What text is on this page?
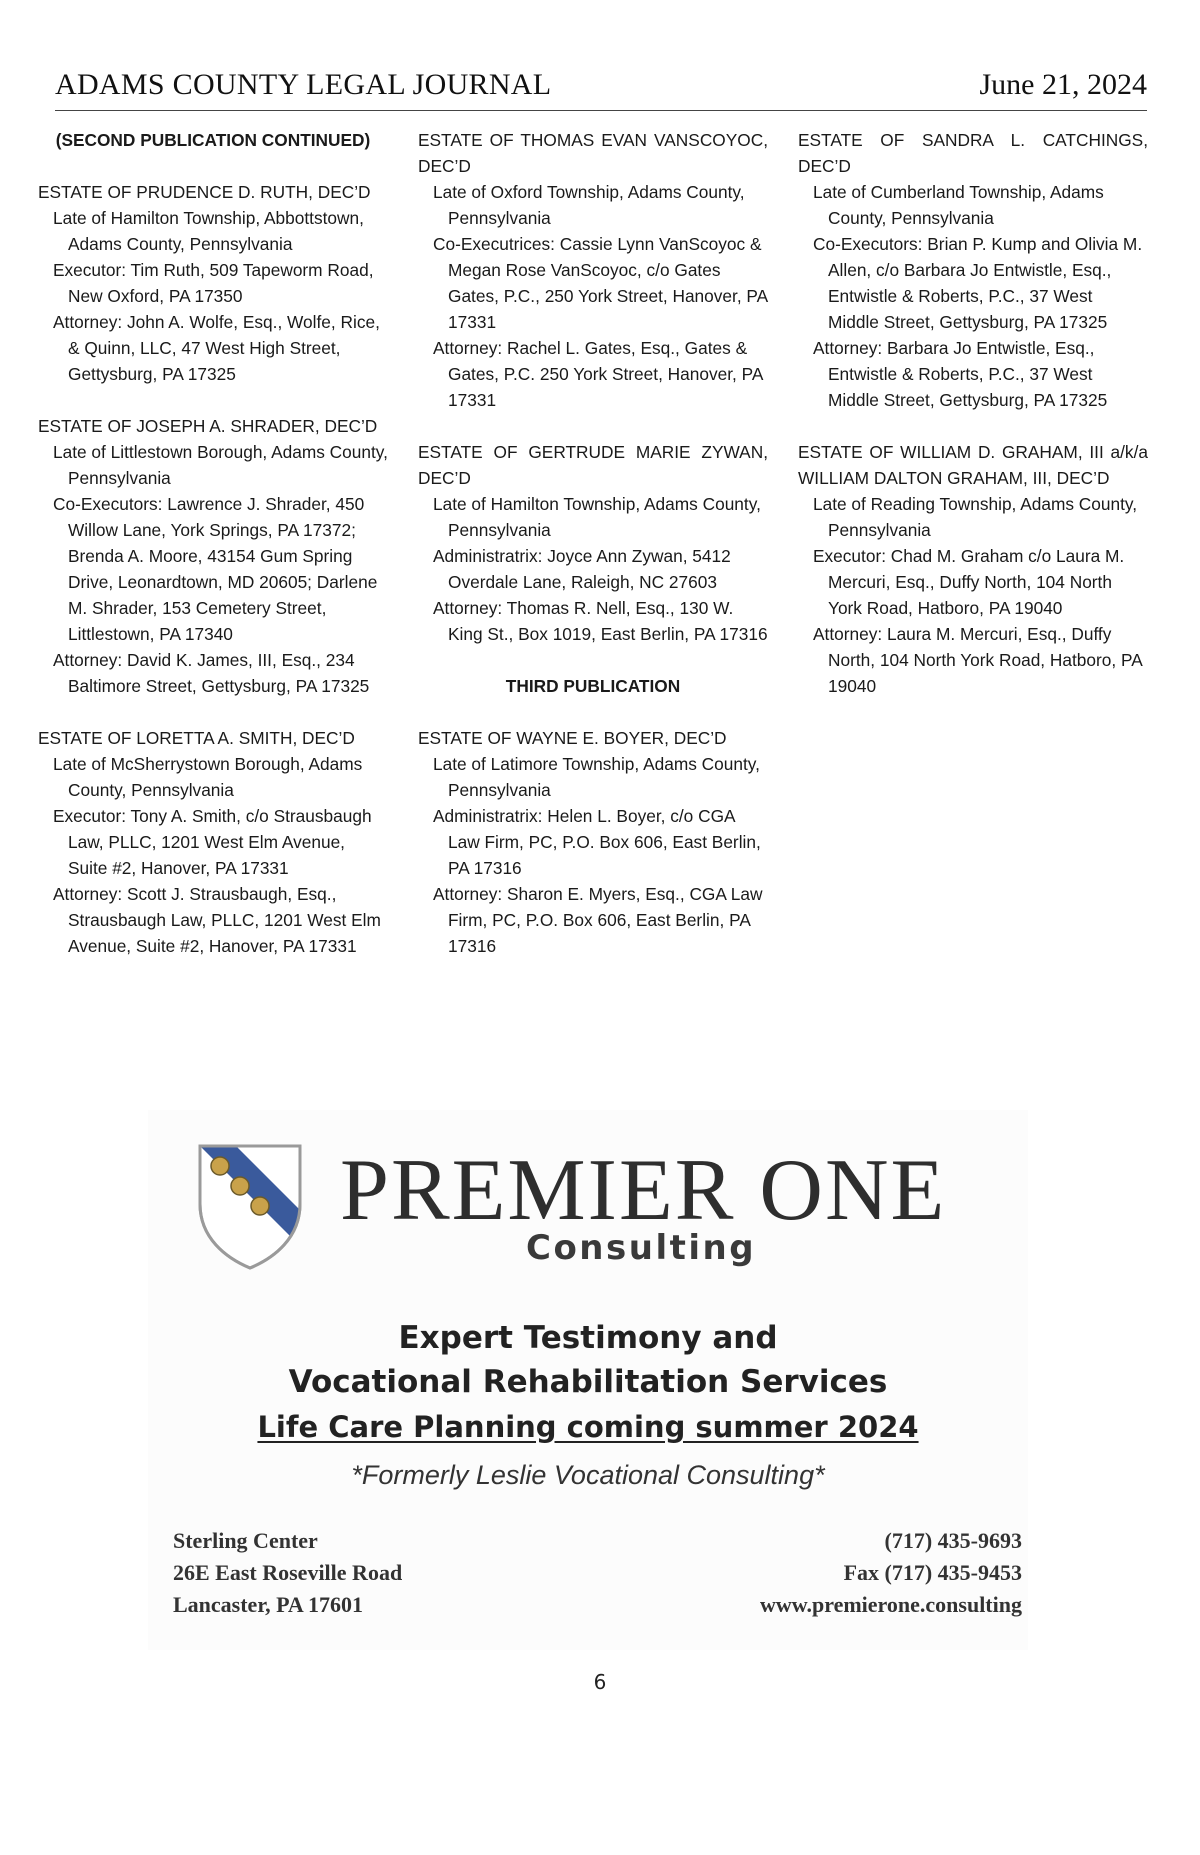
ADAMS COUNTY LEGAL JOURNAL	June 21, 2024
(SECOND PUBLICATION CONTINUED)
ESTATE OF PRUDENCE D. RUTH, DEC’D
Late of Hamilton Township, Abbottstown, Adams County, Pennsylvania
Executor: Tim Ruth, 509 Tapeworm Road, New Oxford, PA 17350
Attorney: John A. Wolfe, Esq., Wolfe, Rice, & Quinn, LLC, 47 West High Street, Gettysburg, PA 17325
ESTATE OF JOSEPH A. SHRADER, DEC’D
Late of Littlestown Borough, Adams County, Pennsylvania
Co-Executors: Lawrence J. Shrader, 450 Willow Lane, York Springs, PA 17372; Brenda A. Moore, 43154 Gum Spring Drive, Leonardtown, MD 20605; Darlene M. Shrader, 153 Cemetery Street, Littlestown, PA 17340
Attorney: David K. James, III, Esq., 234 Baltimore Street, Gettysburg, PA 17325
ESTATE OF LORETTA A. SMITH, DEC’D
Late of McSherrystown Borough, Adams County, Pennsylvania
Executor: Tony A. Smith, c/o Strausbaugh Law, PLLC, 1201 West Elm Avenue, Suite #2, Hanover, PA 17331
Attorney: Scott J. Strausbaugh, Esq., Strausbaugh Law, PLLC, 1201 West Elm Avenue, Suite #2, Hanover, PA 17331
ESTATE OF THOMAS EVAN VANSCOYOC, DEC’D
Late of Oxford Township, Adams County, Pennsylvania
Co-Executrices: Cassie Lynn VanScoyoc & Megan Rose VanScoyoc, c/o Gates Gates, P.C., 250 York Street, Hanover, PA 17331
Attorney: Rachel L. Gates, Esq., Gates & Gates, P.C. 250 York Street, Hanover, PA 17331
ESTATE OF GERTRUDE MARIE ZYWAN, DEC’D
Late of Hamilton Township, Adams County, Pennsylvania
Administratrix: Joyce Ann Zywan, 5412 Overdale Lane, Raleigh, NC 27603
Attorney: Thomas R. Nell, Esq., 130 W. King St., Box 1019, East Berlin, PA 17316
THIRD PUBLICATION
ESTATE OF WAYNE E. BOYER, DEC’D
Late of Latimore Township, Adams County, Pennsylvania
Administratrix: Helen L. Boyer, c/o CGA Law Firm, PC, P.O. Box 606, East Berlin, PA 17316
Attorney: Sharon E. Myers, Esq., CGA Law Firm, PC, P.O. Box 606, East Berlin, PA 17316
ESTATE OF SANDRA L. CATCHINGS, DEC’D
Late of Cumberland Township, Adams County, Pennsylvania
Co-Executors: Brian P. Kump and Olivia M. Allen, c/o Barbara Jo Entwistle, Esq., Entwistle & Roberts, P.C., 37 West Middle Street, Gettysburg, PA 17325
Attorney: Barbara Jo Entwistle, Esq., Entwistle & Roberts, P.C., 37 West Middle Street, Gettysburg, PA 17325
ESTATE OF WILLIAM D. GRAHAM, III a/k/a WILLIAM DALTON GRAHAM, III, DEC’D
Late of Reading Township, Adams County, Pennsylvania
Executor: Chad M. Graham c/o Laura M. Mercuri, Esq., Duffy North, 104 North York Road, Hatboro, PA 19040
Attorney: Laura M. Mercuri, Esq., Duffy North, 104 North York Road, Hatboro, PA 19040
PREMIER ONE
Consulting
Expert Testimony and
Vocational Rehabilitation Services
Life Care Planning coming summer 2024
*Formerly Leslie Vocational Consulting*
Sterling Center
26E East Roseville Road
Lancaster, PA 17601
(717) 435-9693
Fax (717) 435-9453
www.premierone.consulting
6
